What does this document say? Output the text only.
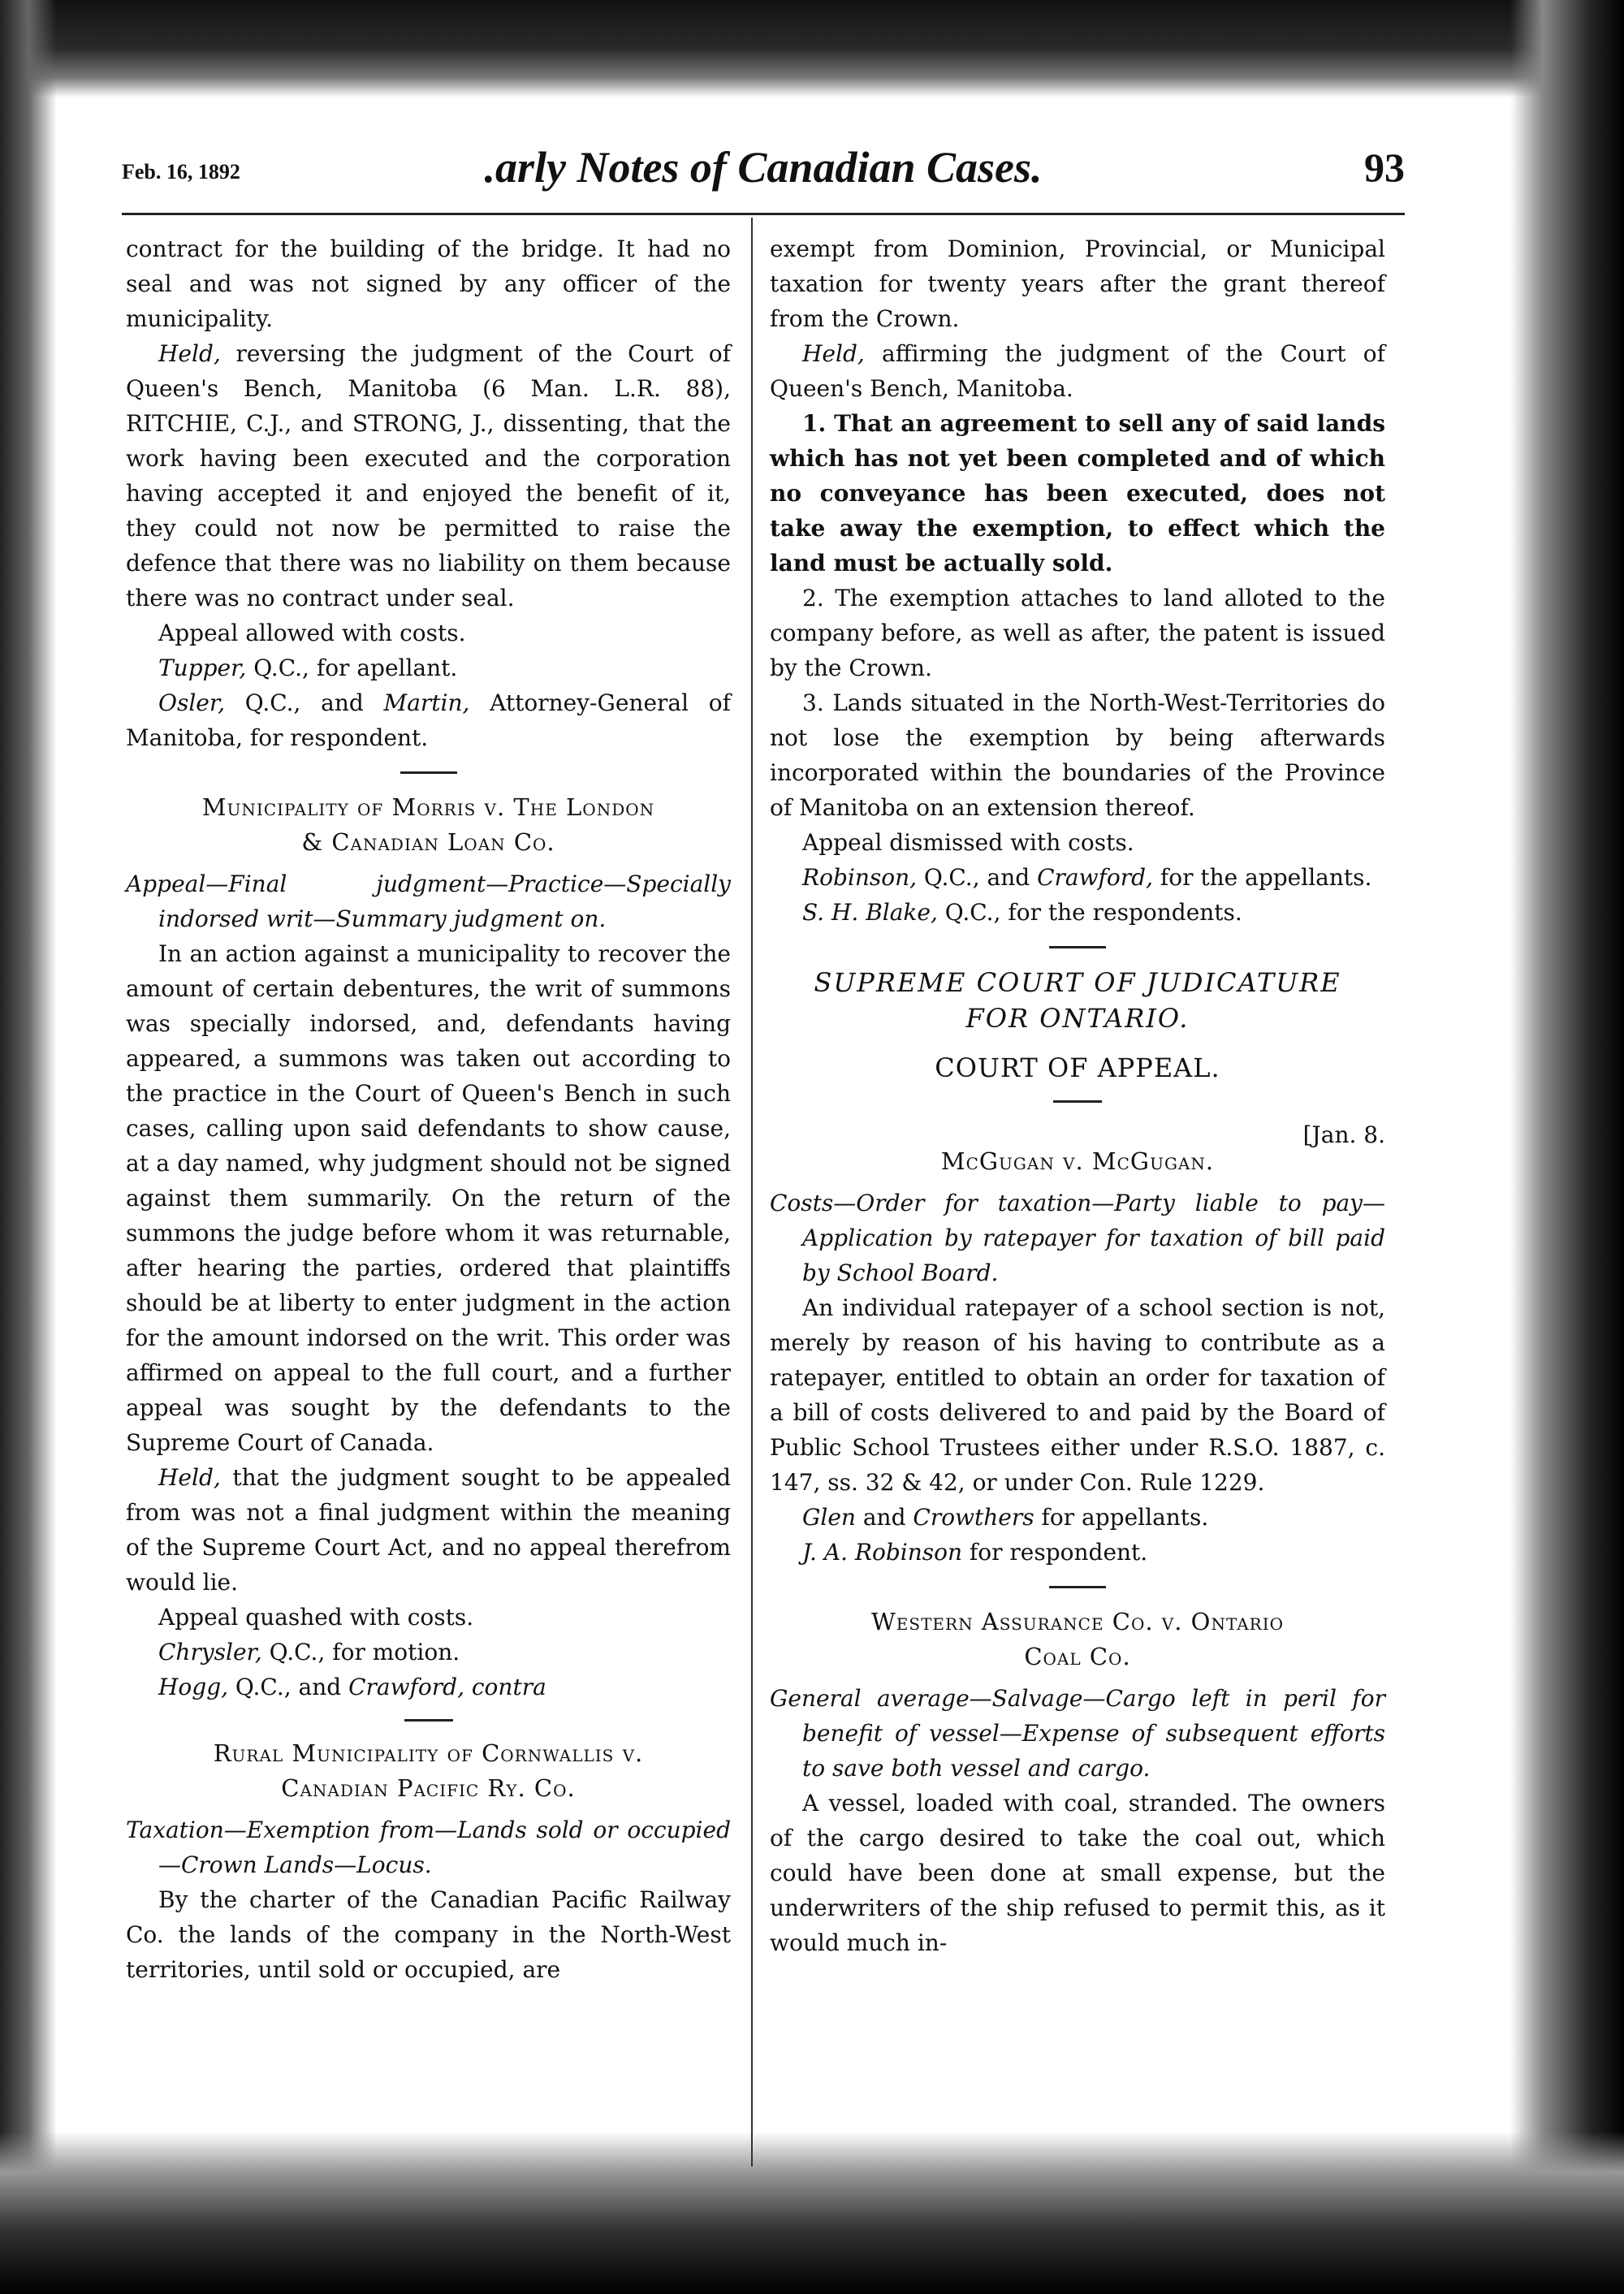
Feb. 16, 1892	.arly Notes of Canadian Cases.	93

contract for the building of the bridge. It had no seal and was not signed by any officer of the municipality.

Held, reversing the judgment of the Court of Queen's Bench, Manitoba (6 Man. L.R. 88), RITCHIE, C.J., and STRONG, J., dissenting, that the work having been executed and the corporation having accepted it and enjoyed the benefit of it, they could not now be permitted to raise the defence that there was no liability on them because there was no contract under seal.

Appeal allowed with costs.

Tupper, Q.C., for apellant.

Osler, Q.C., and Martin, Attorney-General of Manitoba, for respondent.

Municipality of Morris v. The London
& Canadian Loan Co.

Appeal—Final judgment—Practice—Specially indorsed writ—Summary judgment on.

In an action against a municipality to recover the amount of certain debentures, the writ of summons was specially indorsed, and, defendants having appeared, a summons was taken out according to the practice in the Court of Queen's Bench in such cases, calling upon said defendants to show cause, at a day named, why judgment should not be signed against them summarily. On the return of the summons the judge before whom it was returnable, after hearing the parties, ordered that plaintiffs should be at liberty to enter judgment in the action for the amount indorsed on the writ. This order was affirmed on appeal to the full court, and a further appeal was sought by the defendants to the Supreme Court of Canada.

Held, that the judgment sought to be appealed from was not a final judgment within the meaning of the Supreme Court Act, and no appeal therefrom would lie.

Appeal quashed with costs.

Chrysler, Q.C., for motion.

Hogg, Q.C., and Crawford, contra

Rural Municipality of Cornwallis v.
Canadian Pacific Ry. Co.

Taxation—Exemption from—Lands sold or occupied—Crown Lands—Locus.

By the charter of the Canadian Pacific Railway Co. the lands of the company in the North-West territories, until sold or occupied, are

exempt from Dominion, Provincial, or Municipal taxation for twenty years after the grant thereof from the Crown.

Held, affirming the judgment of the Court of Queen's Bench, Manitoba.

1. That an agreement to sell any of said lands which has not yet been completed and of which no conveyance has been executed, does not take away the exemption, to effect which the land must be actually sold.

2. The exemption attaches to land alloted to the company before, as well as after, the patent is issued by the Crown.

3. Lands situated in the North-West-Territories do not lose the exemption by being afterwards incorporated within the boundaries of the Province of Manitoba on an extension thereof.

Appeal dismissed with costs.

Robinson, Q.C., and Crawford, for the appellants.

S. H. Blake, Q.C., for the respondents.

SUPREME COURT OF JUDICATURE
FOR ONTARIO.
COURT OF APPEAL.
[Jan. 8.
McGugan v. McGugan.

Costs—Order for taxation—Party liable to pay—Application by ratepayer for taxation of bill paid by School Board.

An individual ratepayer of a school section is not, merely by reason of his having to contribute as a ratepayer, entitled to obtain an order for taxation of a bill of costs delivered to and paid by the Board of Public School Trustees either under R.S.O. 1887, c. 147, ss. 32 & 42, or under Con. Rule 1229.

Glen and Crowthers for appellants.

J. A. Robinson for respondent.

Western Assurance Co. v. Ontario
Coal Co.

General average—Salvage—Cargo left in peril for benefit of vessel—Expense of subsequent efforts to save both vessel and cargo.

A vessel, loaded with coal, stranded. The owners of the cargo desired to take the coal out, which could have been done at small expense, but the underwriters of the ship refused to permit this, as it would much in-
